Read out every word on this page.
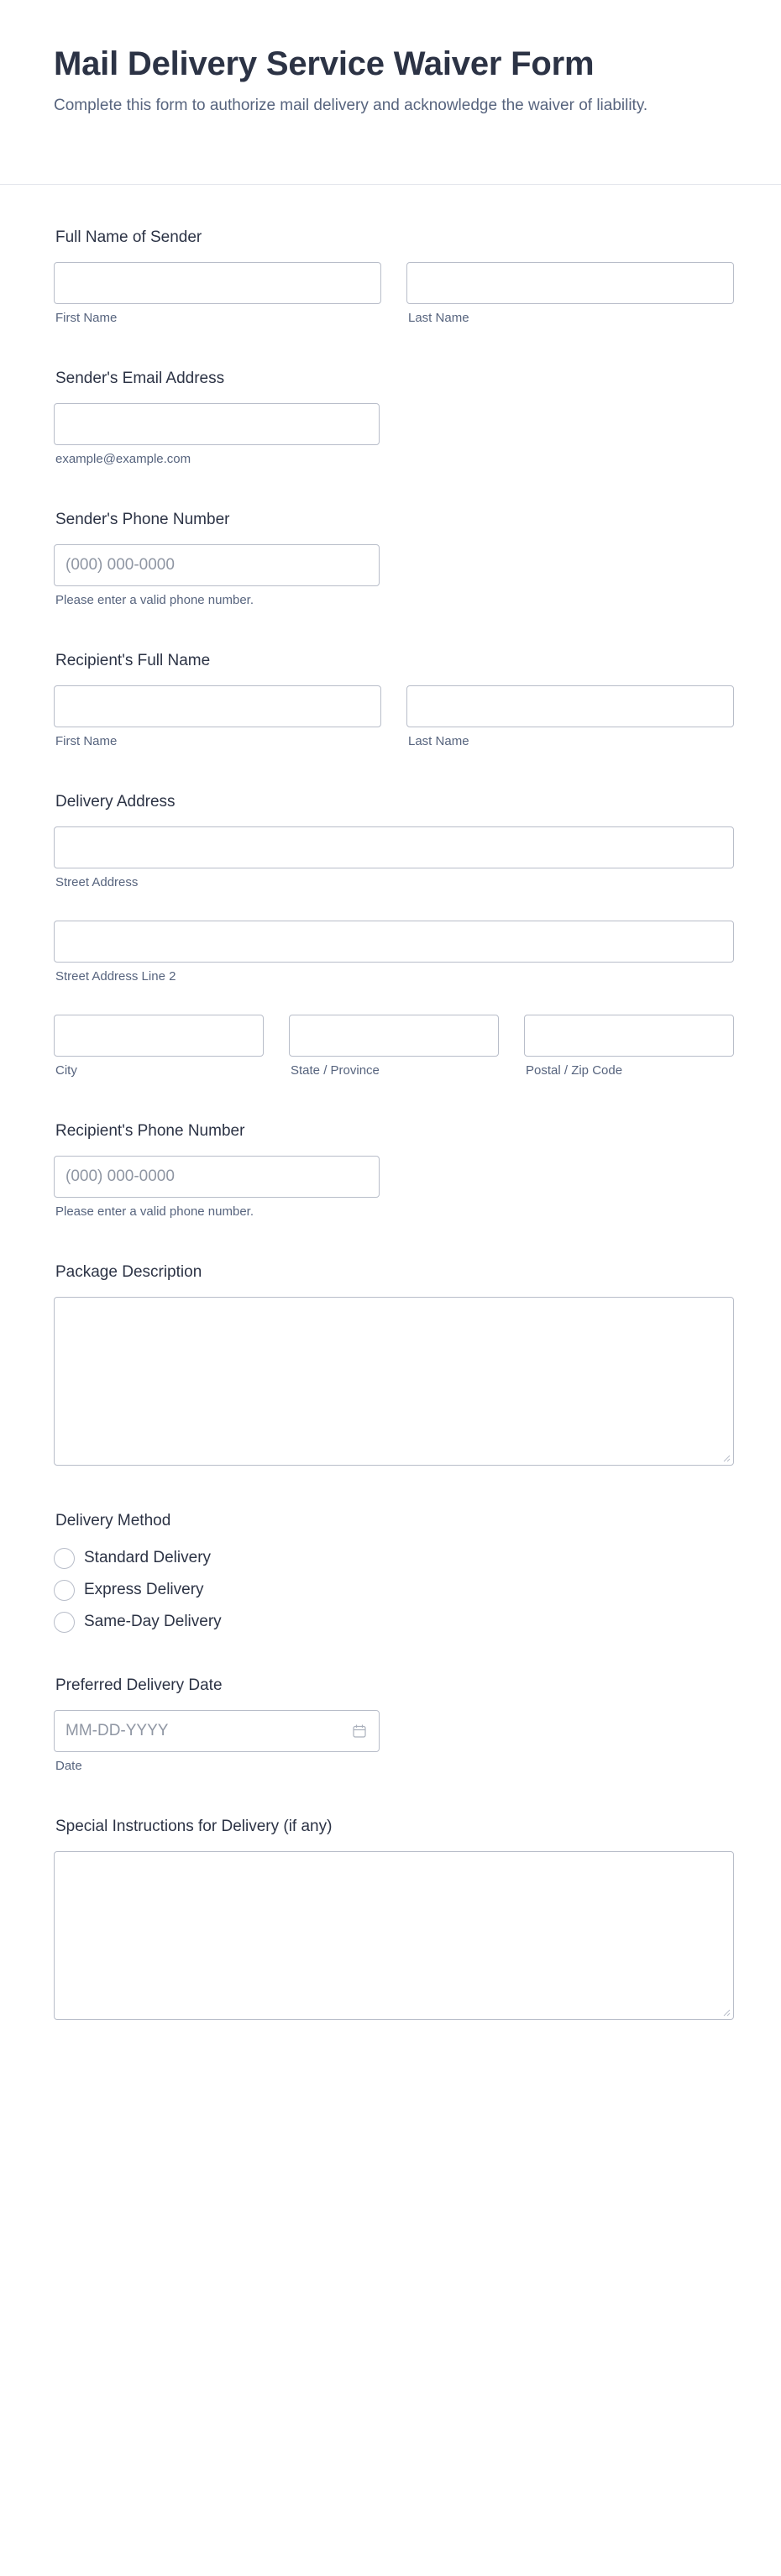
Mail Delivery Service Waiver Form

Complete this form to authorize mail delivery and acknowledge the waiver of liability.

Full Name of Sender
First Name	Last Name
Sender's Email Address
example@example.com
Sender's Phone Number
(000) 000-0000
Please enter a valid phone number.
Recipient's Full Name
First Name	Last Name
Delivery Address
Street Address
Street Address Line 2
City	State / Province	Postal / Zip Code
Recipient's Phone Number
(000) 000-0000
Please enter a valid phone number.
Package Description
Delivery Method
Standard Delivery
Express Delivery
Same-Day Delivery
Preferred Delivery Date
MM-DD-YYYY
Date
Special Instructions for Delivery (if any)
